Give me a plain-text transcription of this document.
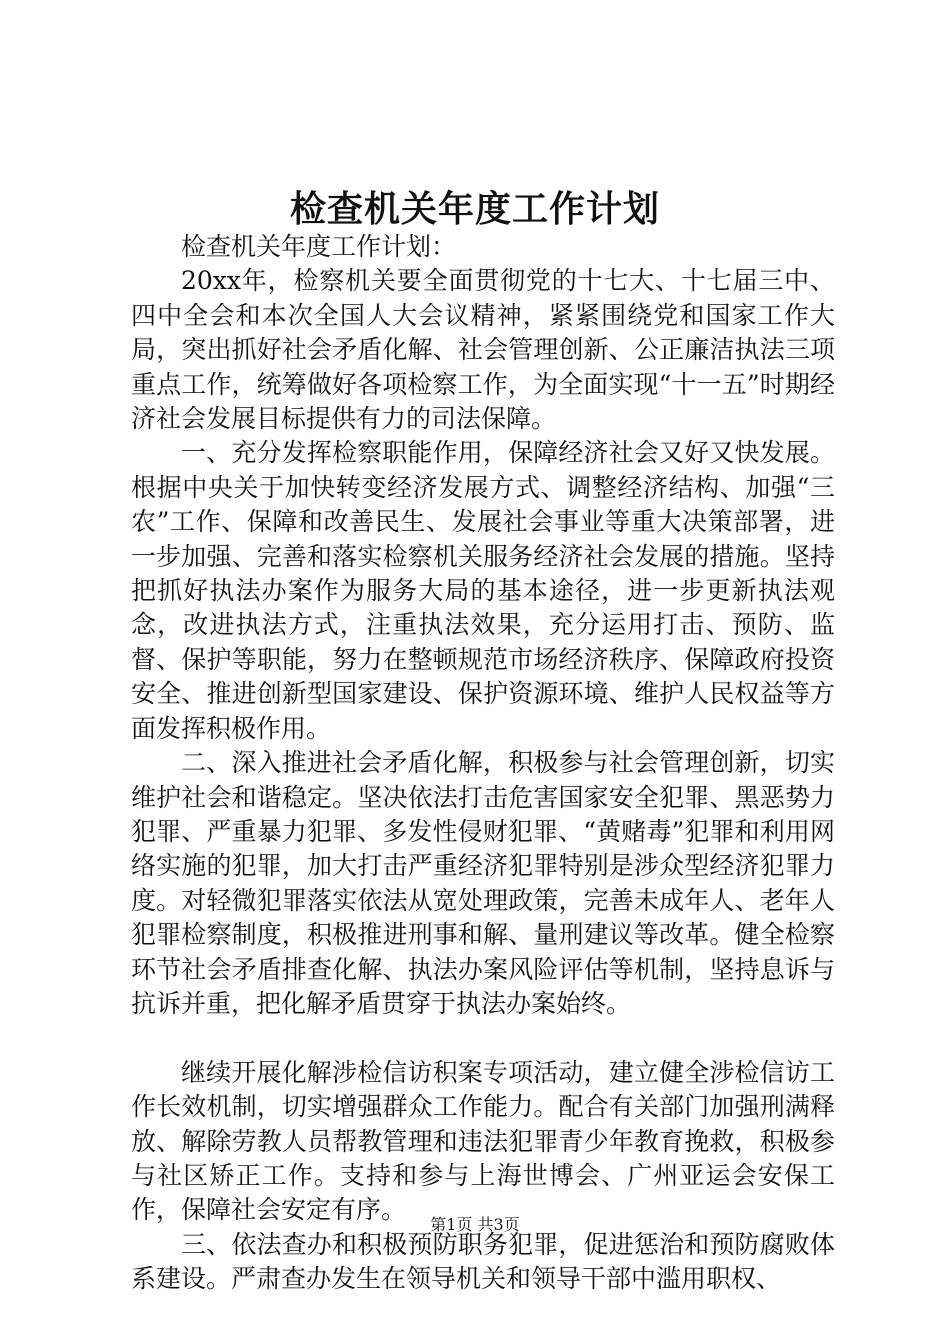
检查机关年度工作计划

检查机关年度工作计划：

20xx年，检察机关要全面贯彻党的十七大、十七届三中、四中全会和本次全国人大会议精神，紧紧围绕党和国家工作大局，突出抓好社会矛盾化解、社会管理创新、公正廉洁执法三项重点工作，统筹做好各项检察工作，为全面实现“十一五”时期经济社会发展目标提供有力的司法保障。

一、充分发挥检察职能作用，保障经济社会又好又快发展。根据中央关于加快转变经济发展方式、调整经济结构、加强“三农”工作、保障和改善民生、发展社会事业等重大决策部署，进一步加强、完善和落实检察机关服务经济社会发展的措施。坚持把抓好执法办案作为服务大局的基本途径，进一步更新执法观念，改进执法方式，注重执法效果，充分运用打击、预防、监督、保护等职能，努力在整顿规范市场经济秩序、保障政府投资安全、推进创新型国家建设、保护资源环境、维护人民权益等方面发挥积极作用。

二、深入推进社会矛盾化解，积极参与社会管理创新，切实维护社会和谐稳定。坚决依法打击危害国家安全犯罪、黑恶势力犯罪、严重暴力犯罪、多发性侵财犯罪、“黄赌毒”犯罪和利用网络实施的犯罪，加大打击严重经济犯罪特别是涉众型经济犯罪力度。对轻微犯罪落实依法从宽处理政策，完善未成年人、老年人犯罪检察制度，积极推进刑事和解、量刑建议等改革。健全检察环节社会矛盾排查化解、执法办案风险评估等机制，坚持息诉与抗诉并重，把化解矛盾贯穿于执法办案始终。

继续开展化解涉检信访积案专项活动，建立健全涉检信访工作长效机制，切实增强群众工作能力。配合有关部门加强刑满释放、解除劳教人员帮教管理和违法犯罪青少年教育挽救，积极参与社区矫正工作。支持和参与上海世博会、广州亚运会安保工作，保障社会安定有序。

三、依法查办和积极预防职务犯罪，促进惩治和预防腐败体系建设。严肃查办发生在领导机关和领导干部中滥用职权、

第1页 共3页
